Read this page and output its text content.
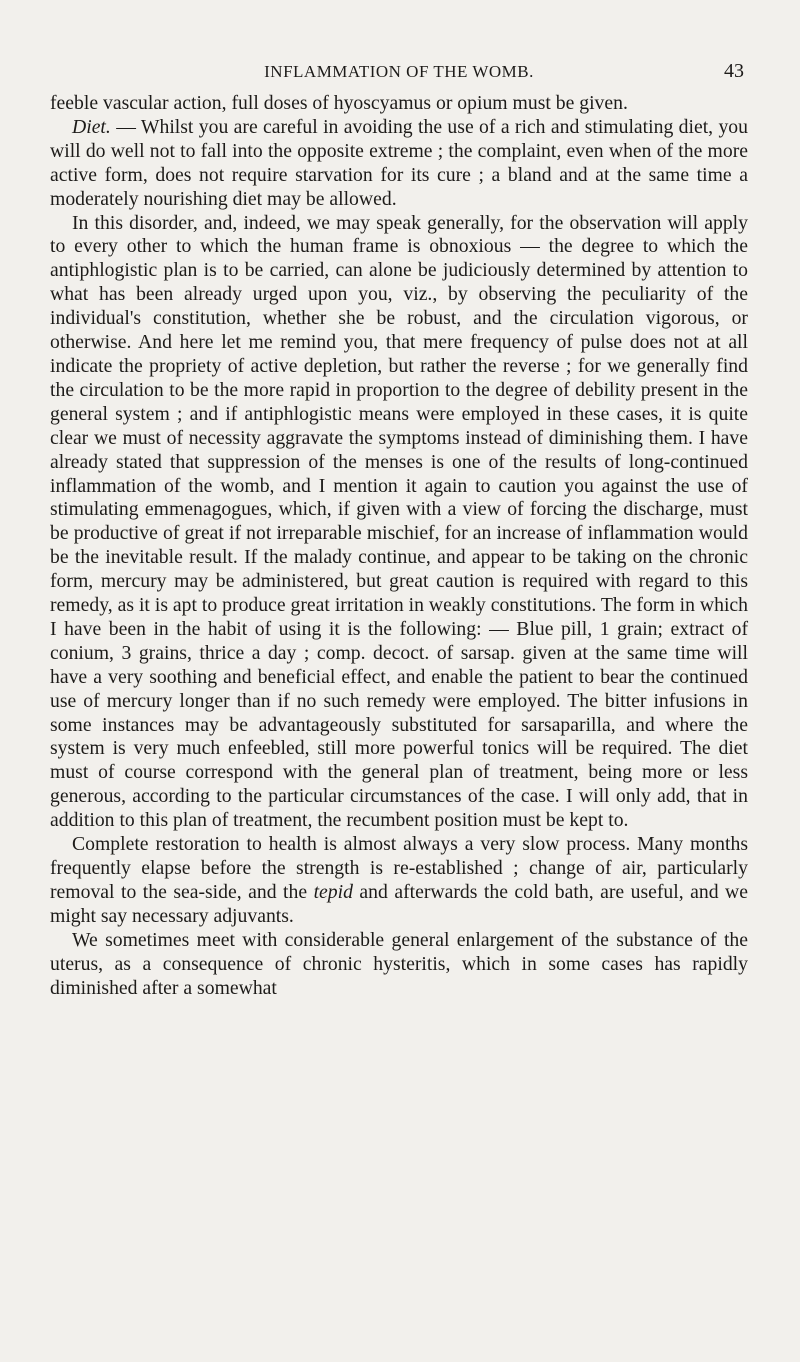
INFLAMMATION OF THE WOMB.	43

feeble vascular action, full doses of hyoscyamus or opium must be given.

Diet. — Whilst you are careful in avoiding the use of a rich and stimulating diet, you will do well not to fall into the opposite extreme ; the complaint, even when of the more active form, does not require starvation for its cure ; a bland and at the same time a moderately nourishing diet may be allowed.

In this disorder, and, indeed, we may speak generally, for the observation will apply to every other to which the human frame is obnoxious — the degree to which the antiphlogistic plan is to be carried, can alone be judiciously determined by attention to what has been already urged upon you, viz., by observing the peculiarity of the individual's constitution, whether she be robust, and the circulation vigorous, or otherwise. And here let me remind you, that mere frequency of pulse does not at all indicate the propriety of active depletion, but rather the reverse ; for we generally find the circulation to be the more rapid in proportion to the degree of debility present in the general system ; and if antiphlogistic means were employed in these cases, it is quite clear we must of necessity aggravate the symptoms instead of diminishing them. I have already stated that suppression of the menses is one of the results of long-continued inflammation of the womb, and I mention it again to caution you against the use of stimulating emmenagogues, which, if given with a view of forcing the discharge, must be productive of great if not irreparable mischief, for an increase of inflammation would be the inevitable result. If the malady continue, and appear to be taking on the chronic form, mercury may be administered, but great caution is required with regard to this remedy, as it is apt to produce great irritation in weakly constitutions. The form in which I have been in the habit of using it is the following: — Blue pill, 1 grain; extract of conium, 3 grains, thrice a day ; comp. decoct. of sarsap. given at the same time will have a very soothing and beneficial effect, and enable the patient to bear the continued use of mercury longer than if no such remedy were employed. The bitter infusions in some instances may be advantageously substituted for sarsaparilla, and where the system is very much enfeebled, still more powerful tonics will be required. The diet must of course correspond with the general plan of treatment, being more or less generous, according to the particular circumstances of the case. I will only add, that in addition to this plan of treatment, the recumbent position must be kept to.

Complete restoration to health is almost always a very slow process. Many months frequently elapse before the strength is re-established ; change of air, particularly removal to the sea-side, and the tepid and afterwards the cold bath, are useful, and we might say necessary adjuvants.

We sometimes meet with considerable general enlargement of the substance of the uterus, as a consequence of chronic hysteritis, which in some cases has rapidly diminished after a somewhat
